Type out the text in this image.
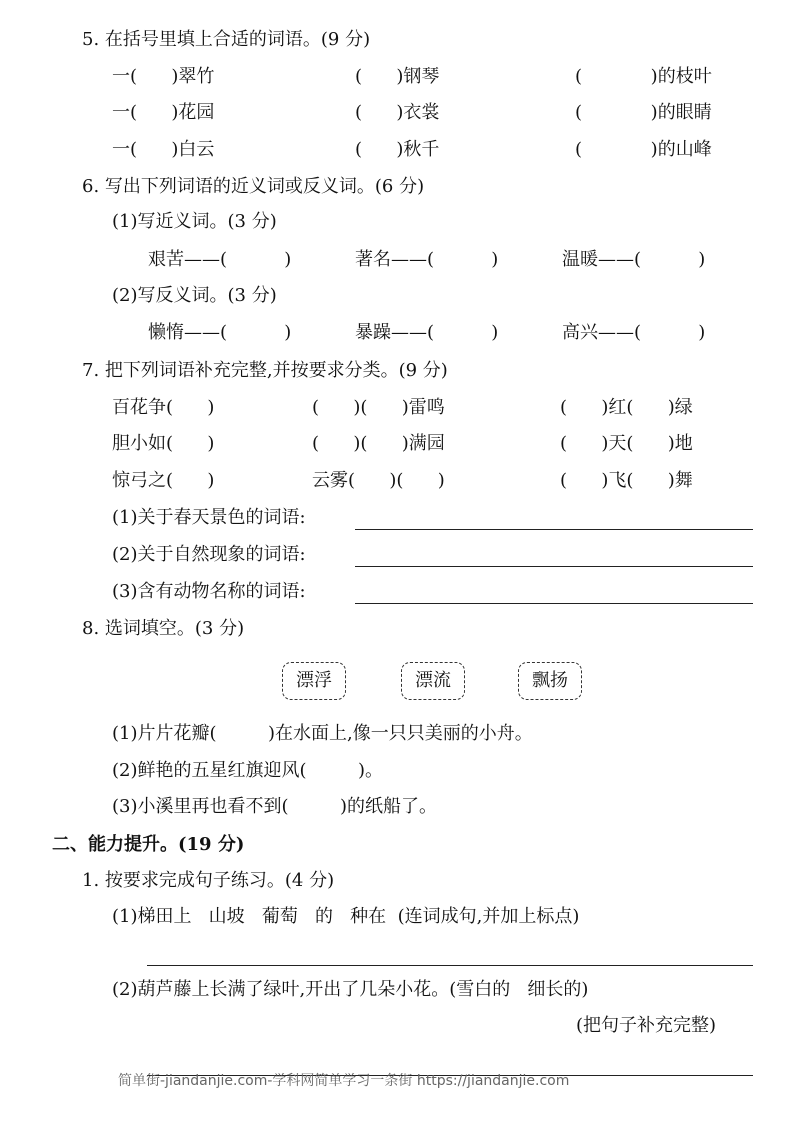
5. 在括号里填上合适的词语。(9 分)
一(      )翠竹	(      )钢琴	(            )的枝叶
一(      )花园	(      )衣裳	(            )的眼睛
一(      )白云	(      )秋千	(            )的山峰
6. 写出下列词语的近义词或反义词。(6 分)
(1)写近义词。(3 分)
艰苦——(          )	著名——(          )	温暖——(          )
(2)写反义词。(3 分)
懒惰——(          )	暴躁——(          )	高兴——(          )
7. 把下列词语补充完整,并按要求分类。(9 分)
百花争(      )	(      )(      )雷鸣	(      )红(      )绿
胆小如(      )	(      )(      )满园	(      )天(      )地
惊弓之(      )	云雾(      )(      )	(      )飞(      )舞
(1)关于春天景色的词语:
(2)关于自然现象的词语:
(3)含有动物名称的词语:
8. 选词填空。(3 分)
漂浮	漂流	飘扬
(1)片片花瓣(         )在水面上,像一只只美丽的小舟。
(2)鲜艳的五星红旗迎风(         )。
(3)小溪里再也看不到(         )的纸船了。
二、能力提升。(19 分)
1. 按要求完成句子练习。(4 分)
(1)梯田上   山坡   葡萄   的   种在  (连词成句,并加上标点)
(2)葫芦藤上长满了绿叶,开出了几朵小花。(雪白的   细长的)
(把句子补充完整)
简单街-jiandanjie.com-学科网简单学习一条街 https://jiandanjie.com
